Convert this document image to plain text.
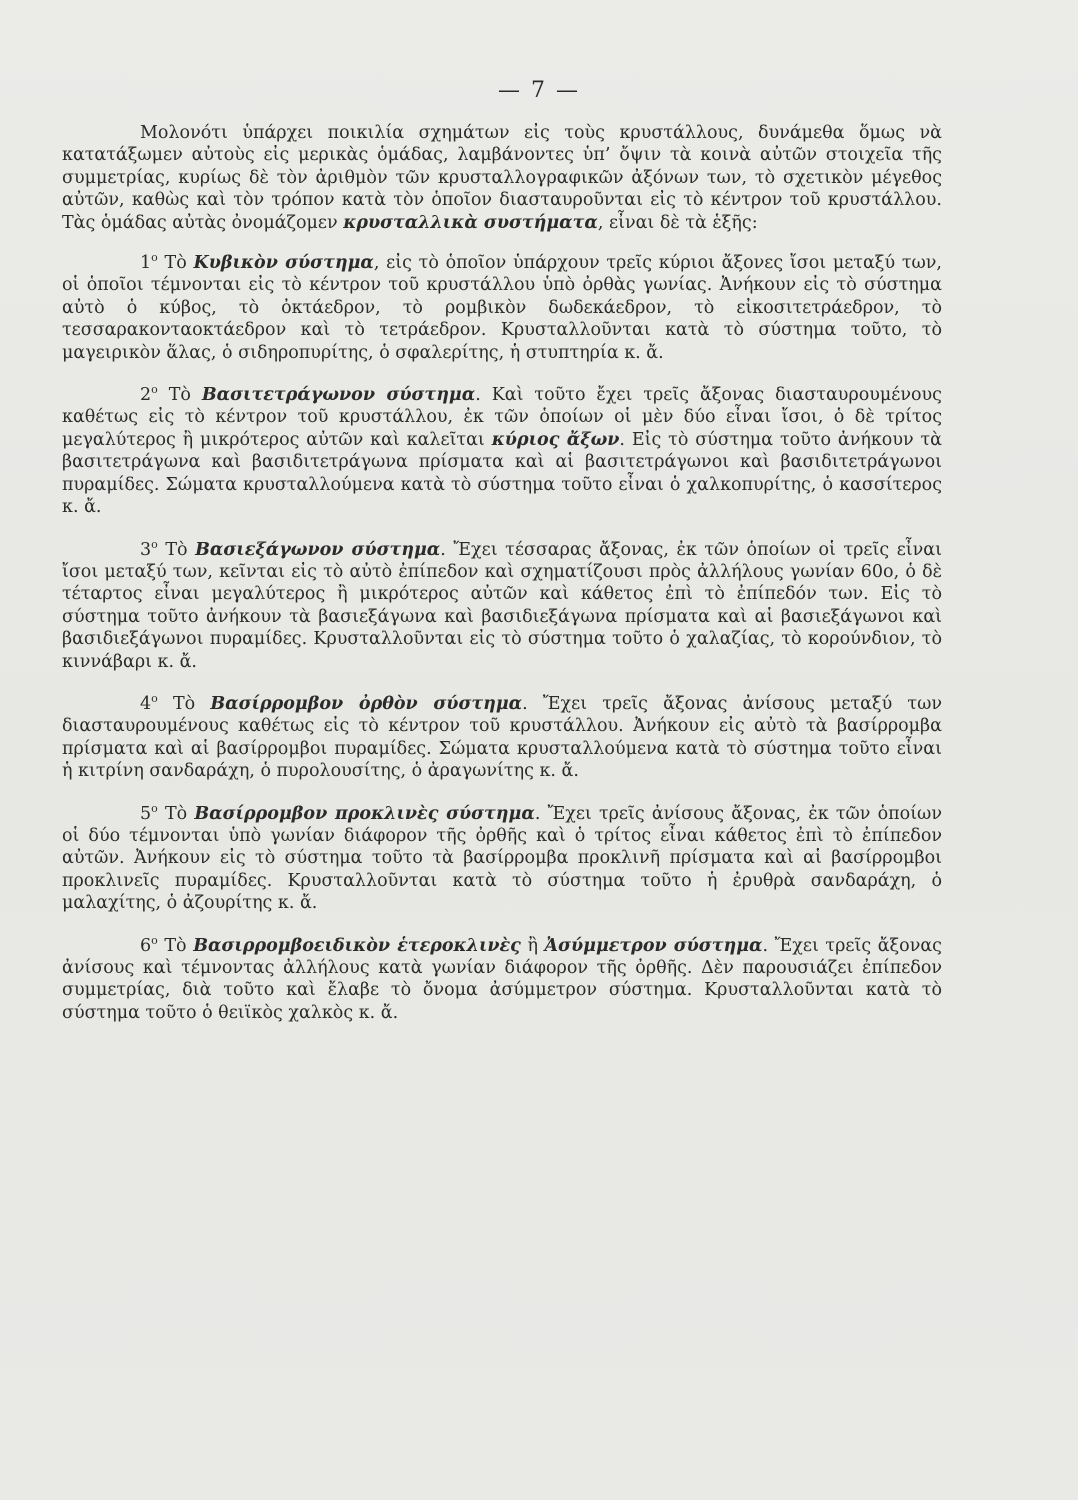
— 7 —

Μολονότι ὑπάρχει ποικιλία σχημάτων εἰς τοὺς κρυστάλλους, δυνάμεθα ὅμως νὰ κατατάξωμεν αὐτοὺς εἰς μερικὰς ὁμάδας, λαμβάνοντες ὑπ’ ὄψιν τὰ κοινὰ αὐτῶν στοιχεῖα τῆς συμμετρίας, κυρίως δὲ τὸν ἀριθμὸν τῶν κρυσταλλογραφικῶν ἀξόνων των, τὸ σχετικὸν μέγεθος αὐτῶν, καθὼς καὶ τὸν τρόπον κατὰ τὸν ὁποῖον διασταυροῦνται εἰς τὸ κέντρον τοῦ κρυστάλλου. Τὰς ὁμάδας αὐτὰς ὀνομάζομεν κρυσταλλικὰ συστήματα, εἶναι δὲ τὰ ἑξῆς:

$1^o$ Τὸ Κυβικὸν σύστημα, εἰς τὸ ὁποῖον ὑπάρχουν τρεῖς κύριοι ἄξονες ἴσοι μεταξύ των, οἱ ὁποῖοι τέμνονται εἰς τὸ κέντρον τοῦ κρυστάλλου ὑπὸ ὀρθὰς γωνίας. Ἀνήκουν εἰς τὸ σύστημα αὐτὸ ὁ κύβος, τὸ ὀκτάεδρον, τὸ ρομβικὸν δωδεκάεδρον, τὸ εἰκοσιτετράεδρον, τὸ τεσσαρακονταοκτάεδρον καὶ τὸ τετράεδρον. Κρυσταλλοῦνται κατὰ τὸ σύστημα τοῦτο, τὸ μαγειρικὸν ἅλας, ὁ σιδηροπυρίτης, ὁ σφαλερίτης, ἡ στυπτηρία κ. ἄ.

$2^o$ Τὸ Βασιτετράγωνον σύστημα. Καὶ τοῦτο ἔχει τρεῖς ἄξονας διασταυρουμένους καθέτως εἰς τὸ κέντρον τοῦ κρυστάλλου, ἐκ τῶν ὁποίων οἱ μὲν δύο εἶναι ἴσοι, ὁ δὲ τρίτος μεγαλύτερος ἢ μικρότερος αὐτῶν καὶ καλεῖται κύριος ἄξων. Εἰς τὸ σύστημα τοῦτο ἀνήκουν τὰ βασιτετράγωνα καὶ βασιδιτετράγωνα πρίσματα καὶ αἱ βασιτετράγωνοι καὶ βασιδιτετράγωνοι πυραμίδες. Σώματα κρυσταλλούμενα κατὰ τὸ σύστημα τοῦτο εἶναι ὁ χαλκοπυρίτης, ὁ κασσίτερος κ. ἄ.

$3^o$ Τὸ Βασιεξάγωνον σύστημα. Ἔχει τέσσαρας ἄξονας, ἐκ τῶν ὁποίων οἱ τρεῖς εἶναι ἴσοι μεταξύ των, κεῖνται εἰς τὸ αὐτὸ ἐπίπεδον καὶ σχηματίζουσι πρὸς ἀλλήλους γωνίαν 60ο, ὁ δὲ τέταρτος εἶναι μεγαλύτερος ἢ μικρότερος αὐτῶν καὶ κάθετος ἐπὶ τὸ ἐπίπεδόν των. Εἰς τὸ σύστημα τοῦτο ἀνήκουν τὰ βασιεξάγωνα καὶ βασιδιεξάγωνα πρίσματα καὶ αἱ βασιεξάγωνοι καὶ βασιδιεξάγωνοι πυραμίδες. Κρυσταλλοῦνται εἰς τὸ σύστημα τοῦτο ὁ χαλαζίας, τὸ κορούνδιον, τὸ κιννάβαρι κ. ἄ.

$4^o$ Τὸ Βασίρρομβον ὀρθὸν σύστημα. Ἔχει τρεῖς ἄξονας ἀνίσους μεταξύ των διασταυρουμένους καθέτως εἰς τὸ κέντρον τοῦ κρυστάλλου. Ἀνήκουν εἰς αὐτὸ τὰ βασίρρομβα πρίσματα καὶ αἱ βασίρρομβοι πυραμίδες. Σώματα κρυσταλλούμενα κατὰ τὸ σύστημα τοῦτο εἶναι ἡ κιτρίνη σανδαράχη, ὁ πυρολουσίτης, ὁ ἀραγωνίτης κ. ἄ.

$5^o$ Τὸ Βασίρρομβον προκλινὲς σύστημα. Ἔχει τρεῖς ἀνίσους ἄξονας, ἐκ τῶν ὁποίων οἱ δύο τέμνονται ὑπὸ γωνίαν διάφορον τῆς ὀρθῆς καὶ ὁ τρίτος εἶναι κάθετος ἐπὶ τὸ ἐπίπεδον αὐτῶν. Ἀνήκουν εἰς τὸ σύστημα τοῦτο τὰ βασίρρομβα προκλινῆ πρίσματα καὶ αἱ βασίρρομβοι προκλινεῖς πυραμίδες. Κρυσταλλοῦνται κατὰ τὸ σύστημα τοῦτο ἡ ἐρυθρὰ σανδαράχη, ὁ μαλαχίτης, ὁ ἀζουρίτης κ. ἄ.

$6^o$ Τὸ Βασιρρομβοειδικὸν ἑτεροκλινὲς ἢ Ἀσύμμετρον σύστημα. Ἔχει τρεῖς ἄξονας ἀνίσους καὶ τέμνοντας ἀλλήλους κατὰ γωνίαν διάφορον τῆς ὀρθῆς. Δὲν παρουσιάζει ἐπίπεδον συμμετρίας, διὰ τοῦτο καὶ ἔλαβε τὸ ὄνομα ἀσύμμετρον σύστημα. Κρυσταλλοῦνται κατὰ τὸ σύστημα τοῦτο ὁ θειϊκὸς χαλκὸς κ. ἄ.
